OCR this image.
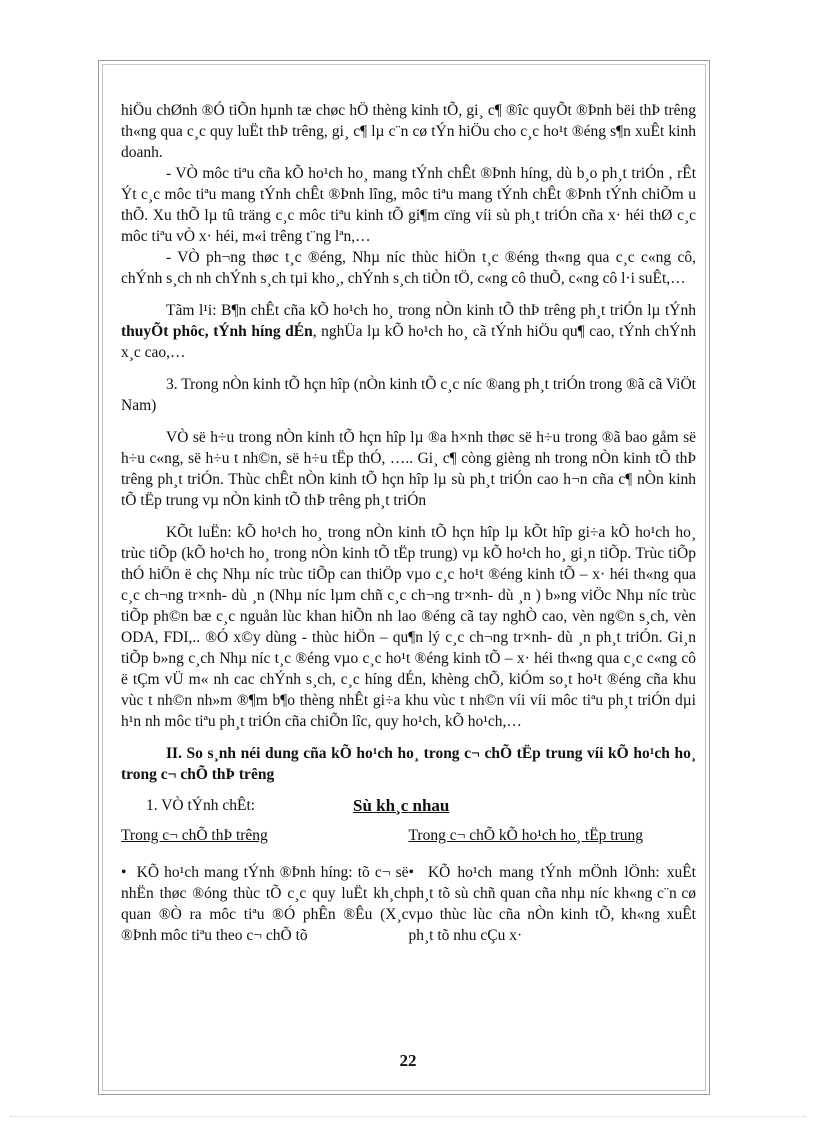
hiÖu chØnh ®Ó tiÕn hµnh tæ chøc hÖ thèng kinh tÕ, gi¸ c¶ ®îc quyÕt ®Þnh bëi thÞ trêng th«ng qua c¸c quy luËt thÞ trêng, gi¸ c¶ lµ c¨n cø tÝn hiÖu cho c¸c ho¹t ®éng s¶n xuÊt kinh doanh.

- VÒ môc tiªu cña kÕ ho¹ch ho¸ mang tÝnh chÊt ®Þnh híng, dù b¸o ph¸t triÓn , rÊt Ýt c¸c môc tiªu mang tÝnh chÊt ®Þnh lîng, môc tiªu mang tÝnh chÊt ®Þnh tÝnh chiÕm u thÕ. Xu thÕ lµ tû träng c¸c môc tiªu kinh tÕ gi¶m cïng víi sù ph¸t triÓn cña x· héi thØ c¸c môc tiªu vÒ x· héi, m«i trêng t¨ng lªn,…

- VÒ ph¬ng thøc t¸c ®éng, Nhµ níc thùc hiÖn t¸c ®éng th«ng qua c¸c c«ng cô, chÝnh s¸ch nh chÝnh s¸ch tµi kho¸, chÝnh s¸ch tiÒn tÖ, c«ng cô thuÕ, c«ng cô l·i suÊt,…

Tãm l¹i: B¶n chÊt cña kÕ ho¹ch ho¸ trong nÒn kinh tÕ thÞ trêng ph¸t triÓn lµ tÝnh thuyÕt phôc, tÝnh híng dÉn, nghÜa lµ kÕ ho¹ch ho¸ cã tÝnh hiÖu qu¶ cao, tÝnh chÝnh x¸c cao,…

3. Trong nÒn kinh tÕ hçn hîp (nÒn kinh tÕ c¸c níc ®ang ph¸t triÓn trong ®ã cã ViÖt Nam)

VÒ së h÷u trong nÒn kinh tÕ hçn hîp lµ ®a h×nh thøc së h÷u trong ®ã bao gåm së h÷u c«ng, së h÷u t nh©n, së h÷u tËp thÓ, ….. Gi¸ c¶ còng gièng nh trong nÒn kinh tÕ thÞ trêng ph¸t triÓn. Thùc chÊt nÒn kinh tÕ hçn hîp lµ sù ph¸t triÓn cao h¬n cña c¶ nÒn kinh tÕ tËp trung vµ nÒn kinh tÕ thÞ trêng ph¸t triÓn

KÕt luËn: kÕ ho¹ch ho¸ trong nÒn kinh tÕ hçn hîp lµ kÕt hîp gi÷a kÕ ho¹ch ho¸ trùc tiÕp (kÕ ho¹ch ho¸ trong nÒn kinh tÕ tËp trung) vµ kÕ ho¹ch ho¸ gi¸n tiÕp. Trùc tiÕp thÓ hiÖn ë chç Nhµ níc trùc tiÕp can thiÖp vµo c¸c ho¹t ®éng kinh tÕ – x· héi th«ng qua c¸c ch¬ng tr×nh- dù ¸n (Nhµ níc lµm chñ c¸c ch¬ng tr×nh- dù ¸n ) b»ng viÖc Nhµ níc trùc tiÕp ph©n bæ c¸c nguån lùc khan hiÕn nh lao ®éng cã tay nghÒ cao, vèn ng©n s¸ch, vèn ODA, FDI,.. ®Ó x©y dùng - thùc hiÖn – qu¶n lý c¸c ch¬ng tr×nh- dù ¸n ph¸t triÓn. Gi¸n tiÕp b»ng c¸ch Nhµ níc t¸c ®éng vµo c¸c ho¹t ®éng kinh tÕ – x· héi th«ng qua c¸c c«ng cô ë tÇm vÜ m« nh cac chÝnh s¸ch, c¸c híng dÉn, khèng chÕ, kiÓm so¸t ho¹t ®éng cña khu vùc t nh©n nh»m ®¶m b¶o thèng nhÊt gi÷a khu vùc t nh©n víi víi môc tiªu ph¸t triÓn dµi h¹n nh môc tiªu ph¸t triÓn cña chiÕn lîc, quy ho¹ch, kÕ ho¹ch,…

II. So s¸nh néi dung cña kÕ ho¹ch ho¸ trong c¬ chÕ tËp trung víi kÕ ho¹ch ho¸ trong c¬ chÕ thÞ trêng

1. VÒ tÝnh chÊt:	Sù kh¸c nhau
Trong c¬ chÕ thÞ trêng

• KÕ ho¹ch mang tÝnh ®Þnh híng: tõ c¬ së nhËn thøc ®óng thùc tÕ c¸c quy luËt kh¸ch quan ®Ò ra môc tiªu ®Ó phÊn ®Êu (X¸c ®Þnh môc tiªu theo c¬ chÕ tõ

Trong c¬ chÕ kÕ ho¹ch ho¸ tËp trung

• KÕ ho¹ch mang tÝnh mÖnh lÖnh: xuÊt ph¸t tõ sù chñ quan cña nhµ níc kh«ng c¨n cø vµo thùc lùc cña nÒn kinh tÕ, kh«ng xuÊt ph¸t tõ nhu cÇu x·

22
